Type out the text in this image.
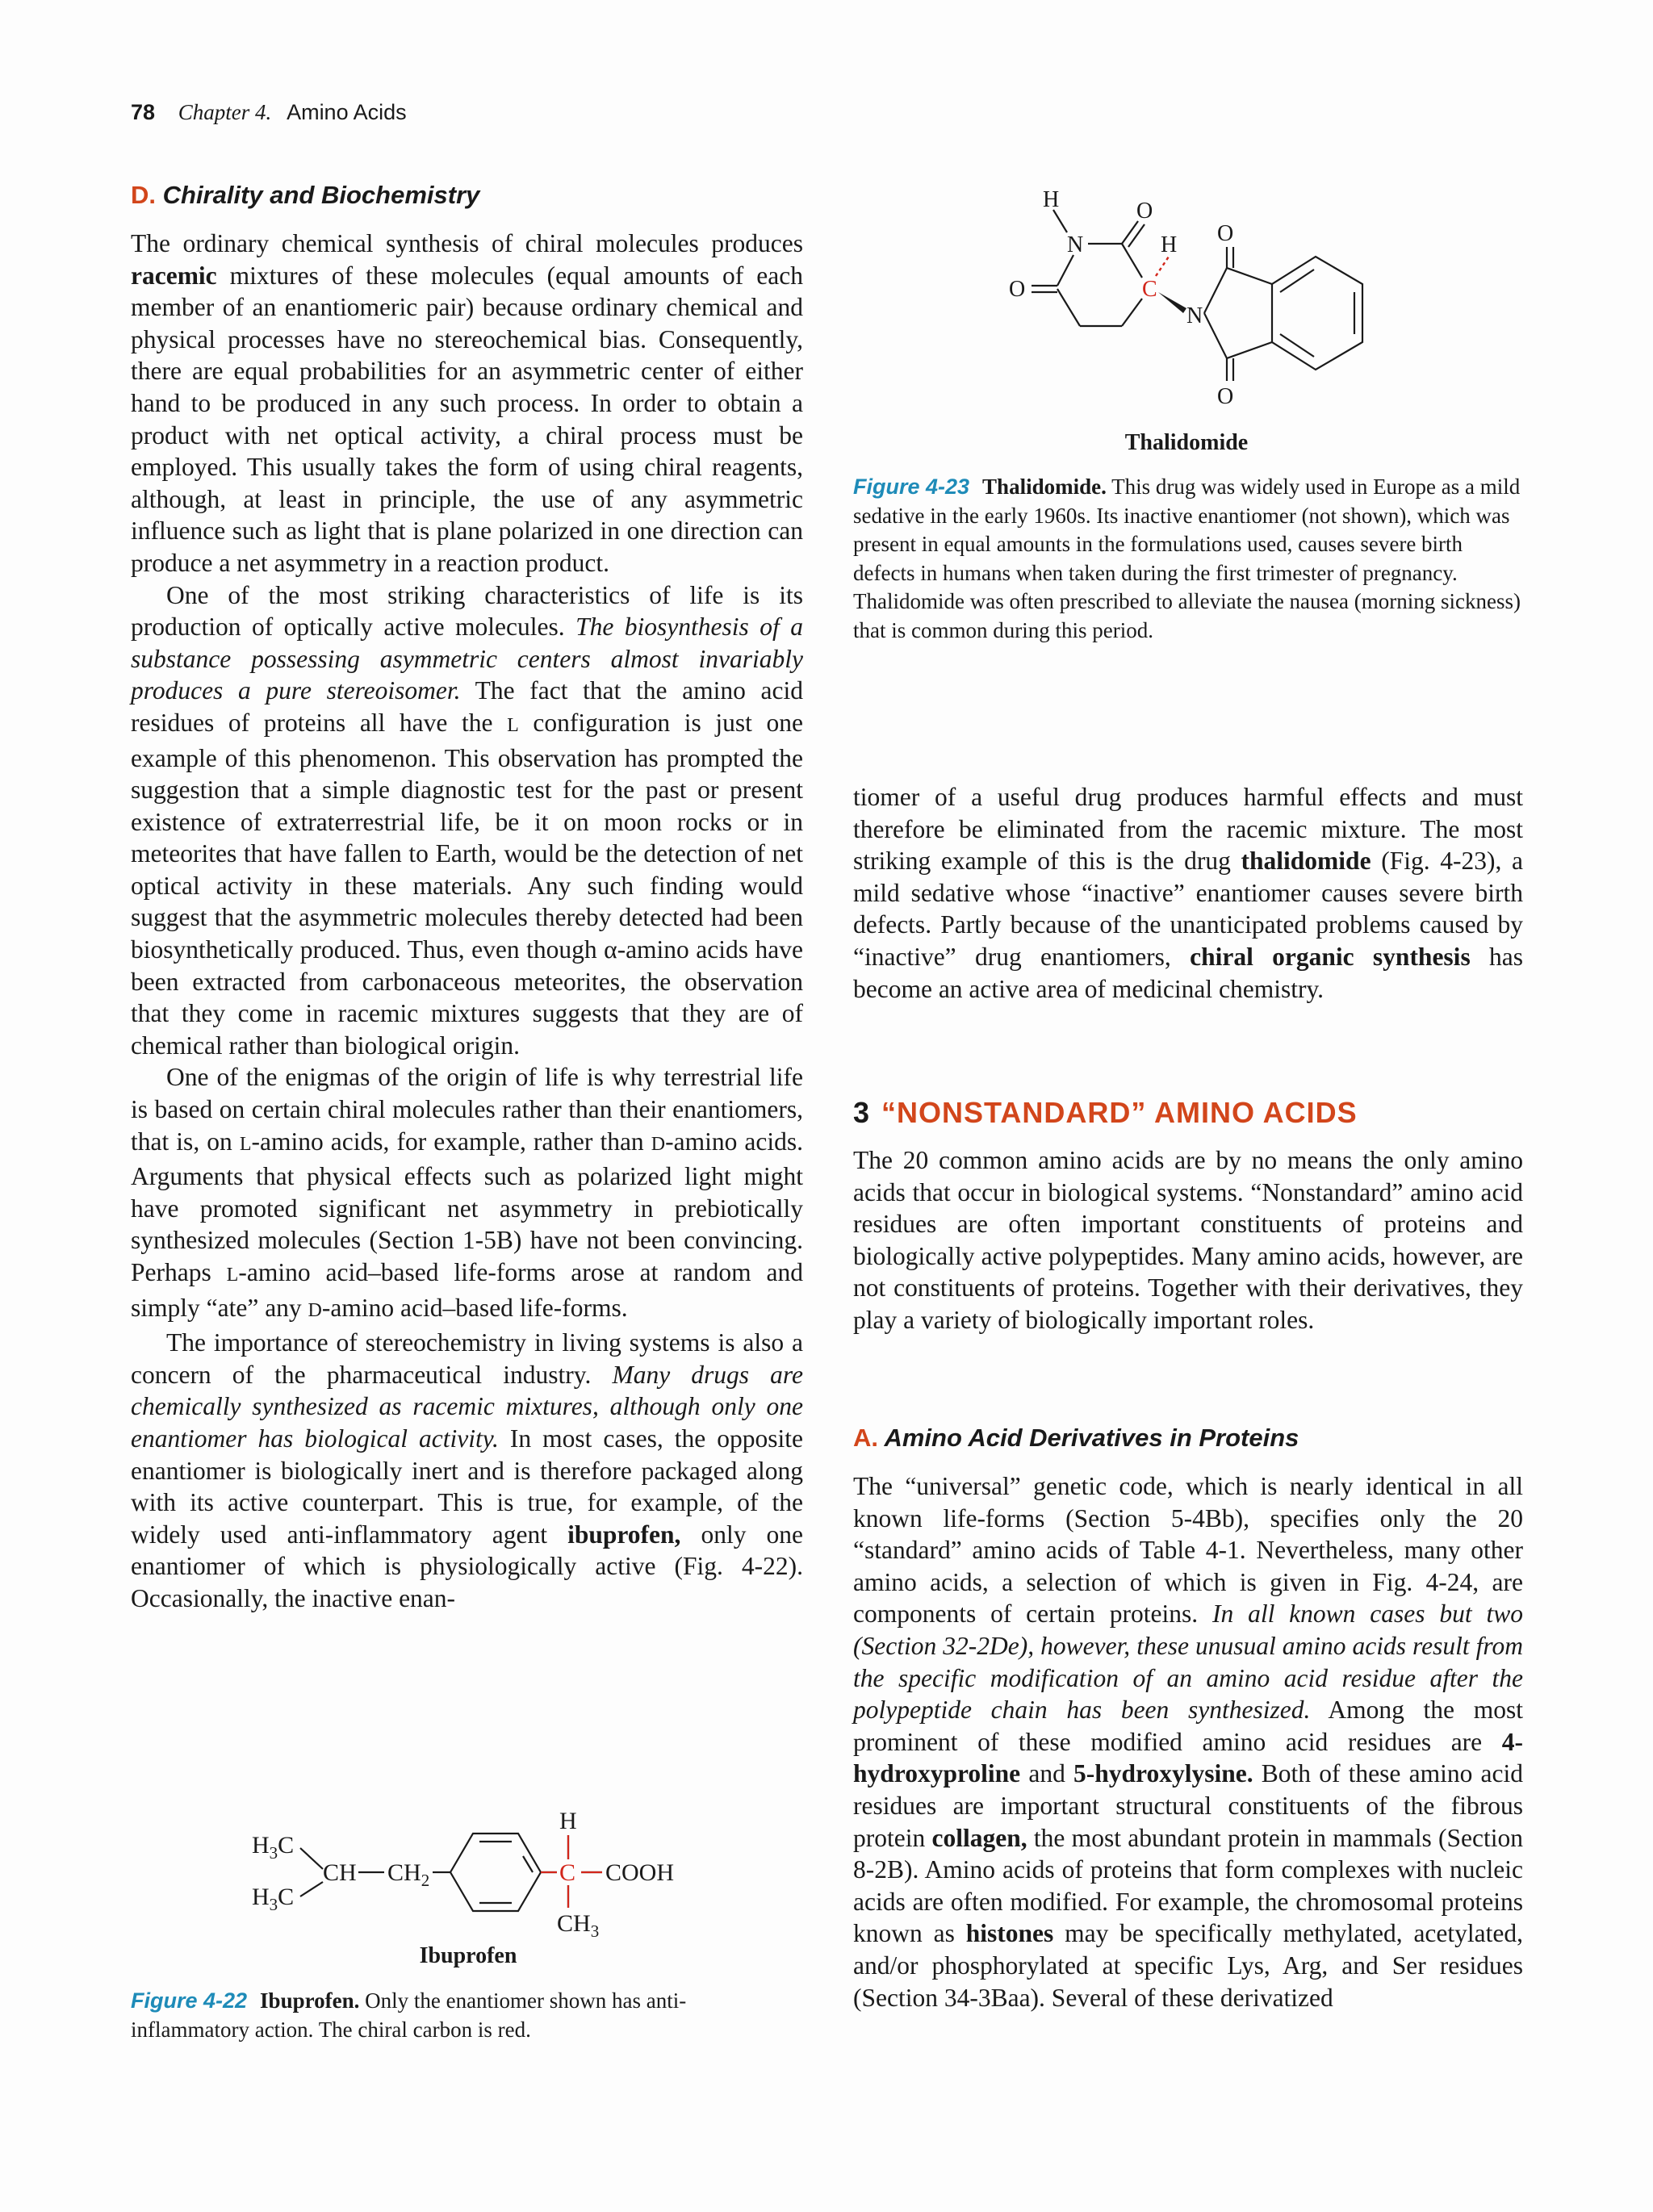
78 Chapter 4. Amino Acids
D. Chirality and Biochemistry

The ordinary chemical synthesis of chiral molecules produces racemic mixtures of these molecules (equal amounts of each member of an enantiomeric pair) because ordinary chemical and physical processes have no stereochemical bias. Consequently, there are equal probabilities for an asymmetric center of either hand to be produced in any such process. In order to obtain a product with net optical activity, a chiral process must be employed. This usually takes the form of using chiral reagents, although, at least in principle, the use of any asymmetric influence such as light that is plane polarized in one direction can produce a net asymmetry in a reaction product.

One of the most striking characteristics of life is its production of optically active molecules. The biosynthesis of a substance possessing asymmetric centers almost invariably produces a pure stereoisomer. The fact that the amino acid residues of proteins all have the L configuration is just one example of this phenomenon. This observation has prompted the suggestion that a simple diagnostic test for the past or present existence of extraterrestrial life, be it on moon rocks or in meteorites that have fallen to Earth, would be the detection of net optical activity in these materials. Any such finding would suggest that the asymmetric molecules thereby detected had been biosynthetically produced. Thus, even though α-amino acids have been extracted from carbonaceous meteorites, the observation that they come in racemic mixtures suggests that they are of chemical rather than biological origin.

One of the enigmas of the origin of life is why terrestrial life is based on certain chiral molecules rather than their enantiomers, that is, on L-amino acids, for example, rather than D-amino acids. Arguments that physical effects such as polarized light might have promoted significant net asymmetry in prebiotically synthesized molecules (Section 1-5B) have not been convincing. Perhaps L-amino acid–based life-forms arose at random and simply “ate” any D-amino acid–based life-forms.

The importance of stereochemistry in living systems is also a concern of the pharmaceutical industry. Many drugs are chemically synthesized as racemic mixtures, although only one enantiomer has biological activity. In most cases, the opposite enantiomer is biologically inert and is therefore packaged along with its active counterpart. This is true, for example, of the widely used anti-inflammatory agent ibuprofen, only one enantiomer of which is physiologically active (Fig. 4-22). Occasionally, the inactive enan-

$H_3C$
$H_3C$
CH $CH_2$
H
C COOH
$CH_3$
Ibuprofen
Figure 4-22 Ibuprofen. Only the enantiomer shown has anti-inflammatory action. The chiral carbon is red.
H	O
N	H
C
O
N
O
O
Thalidomide
Figure 4-23 Thalidomide. This drug was widely used in Europe as a mild sedative in the early 1960s. Its inactive enantiomer (not shown), which was present in equal amounts in the formulations used, causes severe birth defects in humans when taken during the first trimester of pregnancy. Thalidomide was often prescribed to alleviate the nausea (morning sickness) that is common during this period.

tiomer of a useful drug produces harmful effects and must therefore be eliminated from the racemic mixture. The most striking example of this is the drug thalidomide (Fig. 4-23), a mild sedative whose “inactive” enantiomer causes severe birth defects. Partly because of the unanticipated problems caused by “inactive” drug enantiomers, chiral organic synthesis has become an active area of medicinal chemistry.

3 “NONSTANDARD” AMINO ACIDS

The 20 common amino acids are by no means the only amino acids that occur in biological systems. “Nonstandard” amino acid residues are often important constituents of proteins and biologically active polypeptides. Many amino acids, however, are not constituents of proteins. Together with their derivatives, they play a variety of biologically important roles.

A. Amino Acid Derivatives in Proteins

The “universal” genetic code, which is nearly identical in all known life-forms (Section 5-4Bb), specifies only the 20 “standard” amino acids of Table 4-1. Nevertheless, many other amino acids, a selection of which is given in Fig. 4-24, are components of certain proteins. In all known cases but two (Section 32-2De), however, these unusual amino acids result from the specific modification of an amino acid residue after the polypeptide chain has been synthesized. Among the most prominent of these modified amino acid residues are 4-hydroxyproline and 5-hydroxylysine. Both of these amino acid residues are important structural constituents of the fibrous protein collagen, the most abundant protein in mammals (Section 8-2B). Amino acids of proteins that form complexes with nucleic acids are often modified. For example, the chromosomal proteins known as histones may be specifically methylated, acetylated, and/or phosphorylated at specific Lys, Arg, and Ser residues (Section 34-3Baa). Several of these derivatized
